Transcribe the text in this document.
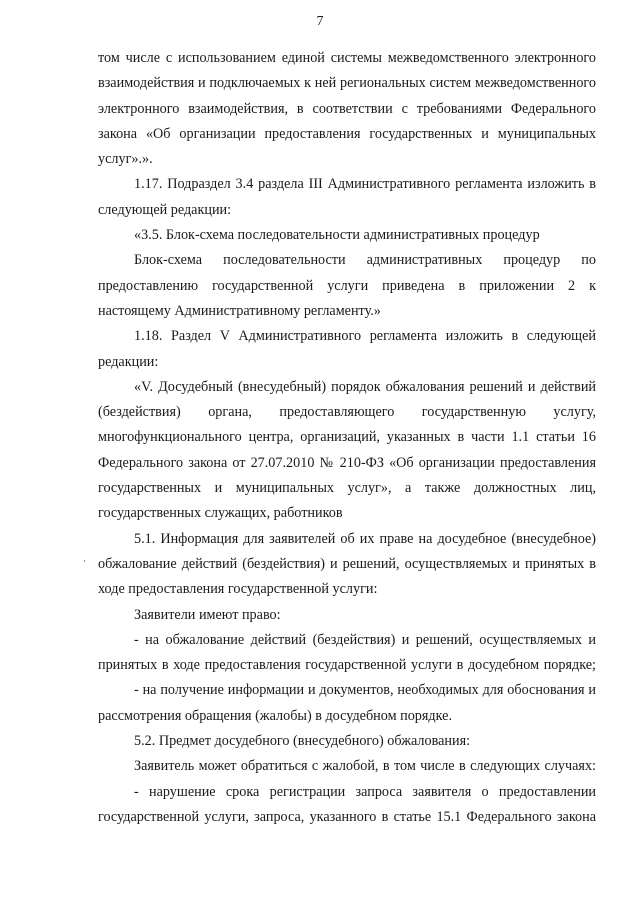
7
том числе с использованием единой системы межведомственного электронного
взаимодействия и подключаемых к ней региональных систем межведомственного
электронного взаимодействия, в соответствии с требованиями Федерального
закона «Об организации предоставления государственных и муниципальных
услуг».».
1.17. Подраздел 3.4 раздела III Административного регламента изложить в
следующей редакции:
«3.5. Блок-схема последовательности административных процедур
Блок-схема последовательности административных процедур по
предоставлению государственной услуги приведена в приложении 2 к
настоящему Административному регламенту.»
1.18. Раздел V Административного регламента изложить в следующей
редакции:
«V. Досудебный (внесудебный) порядок обжалования решений и действий
(бездействия) органа, предоставляющего государственную услугу,
многофункционального центра, организаций, указанных в части 1.1 статьи 16
Федерального закона от 27.07.2010 № 210-ФЗ «Об организации предоставления
государственных и муниципальных услуг», а также должностных лиц,
государственных служащих, работников
5.1. Информация для заявителей об их праве на досудебное (внесудебное)
обжалование действий (бездействия) и решений, осуществляемых и принятых в
ходе предоставления государственной услуги:
Заявители имеют право:
- на обжалование действий (бездействия) и решений, осуществляемых и
принятых в ходе предоставления государственной услуги в досудебном порядке;
- на получение информации и документов, необходимых для обоснования и
рассмотрения обращения (жалобы) в досудебном порядке.
5.2. Предмет досудебного (внесудебного) обжалования:
Заявитель может обратиться с жалобой, в том числе в следующих случаях:
- нарушение срока регистрации запроса заявителя о предоставлении
государственной услуги, запроса, указанного в статье 15.1 Федерального закона
